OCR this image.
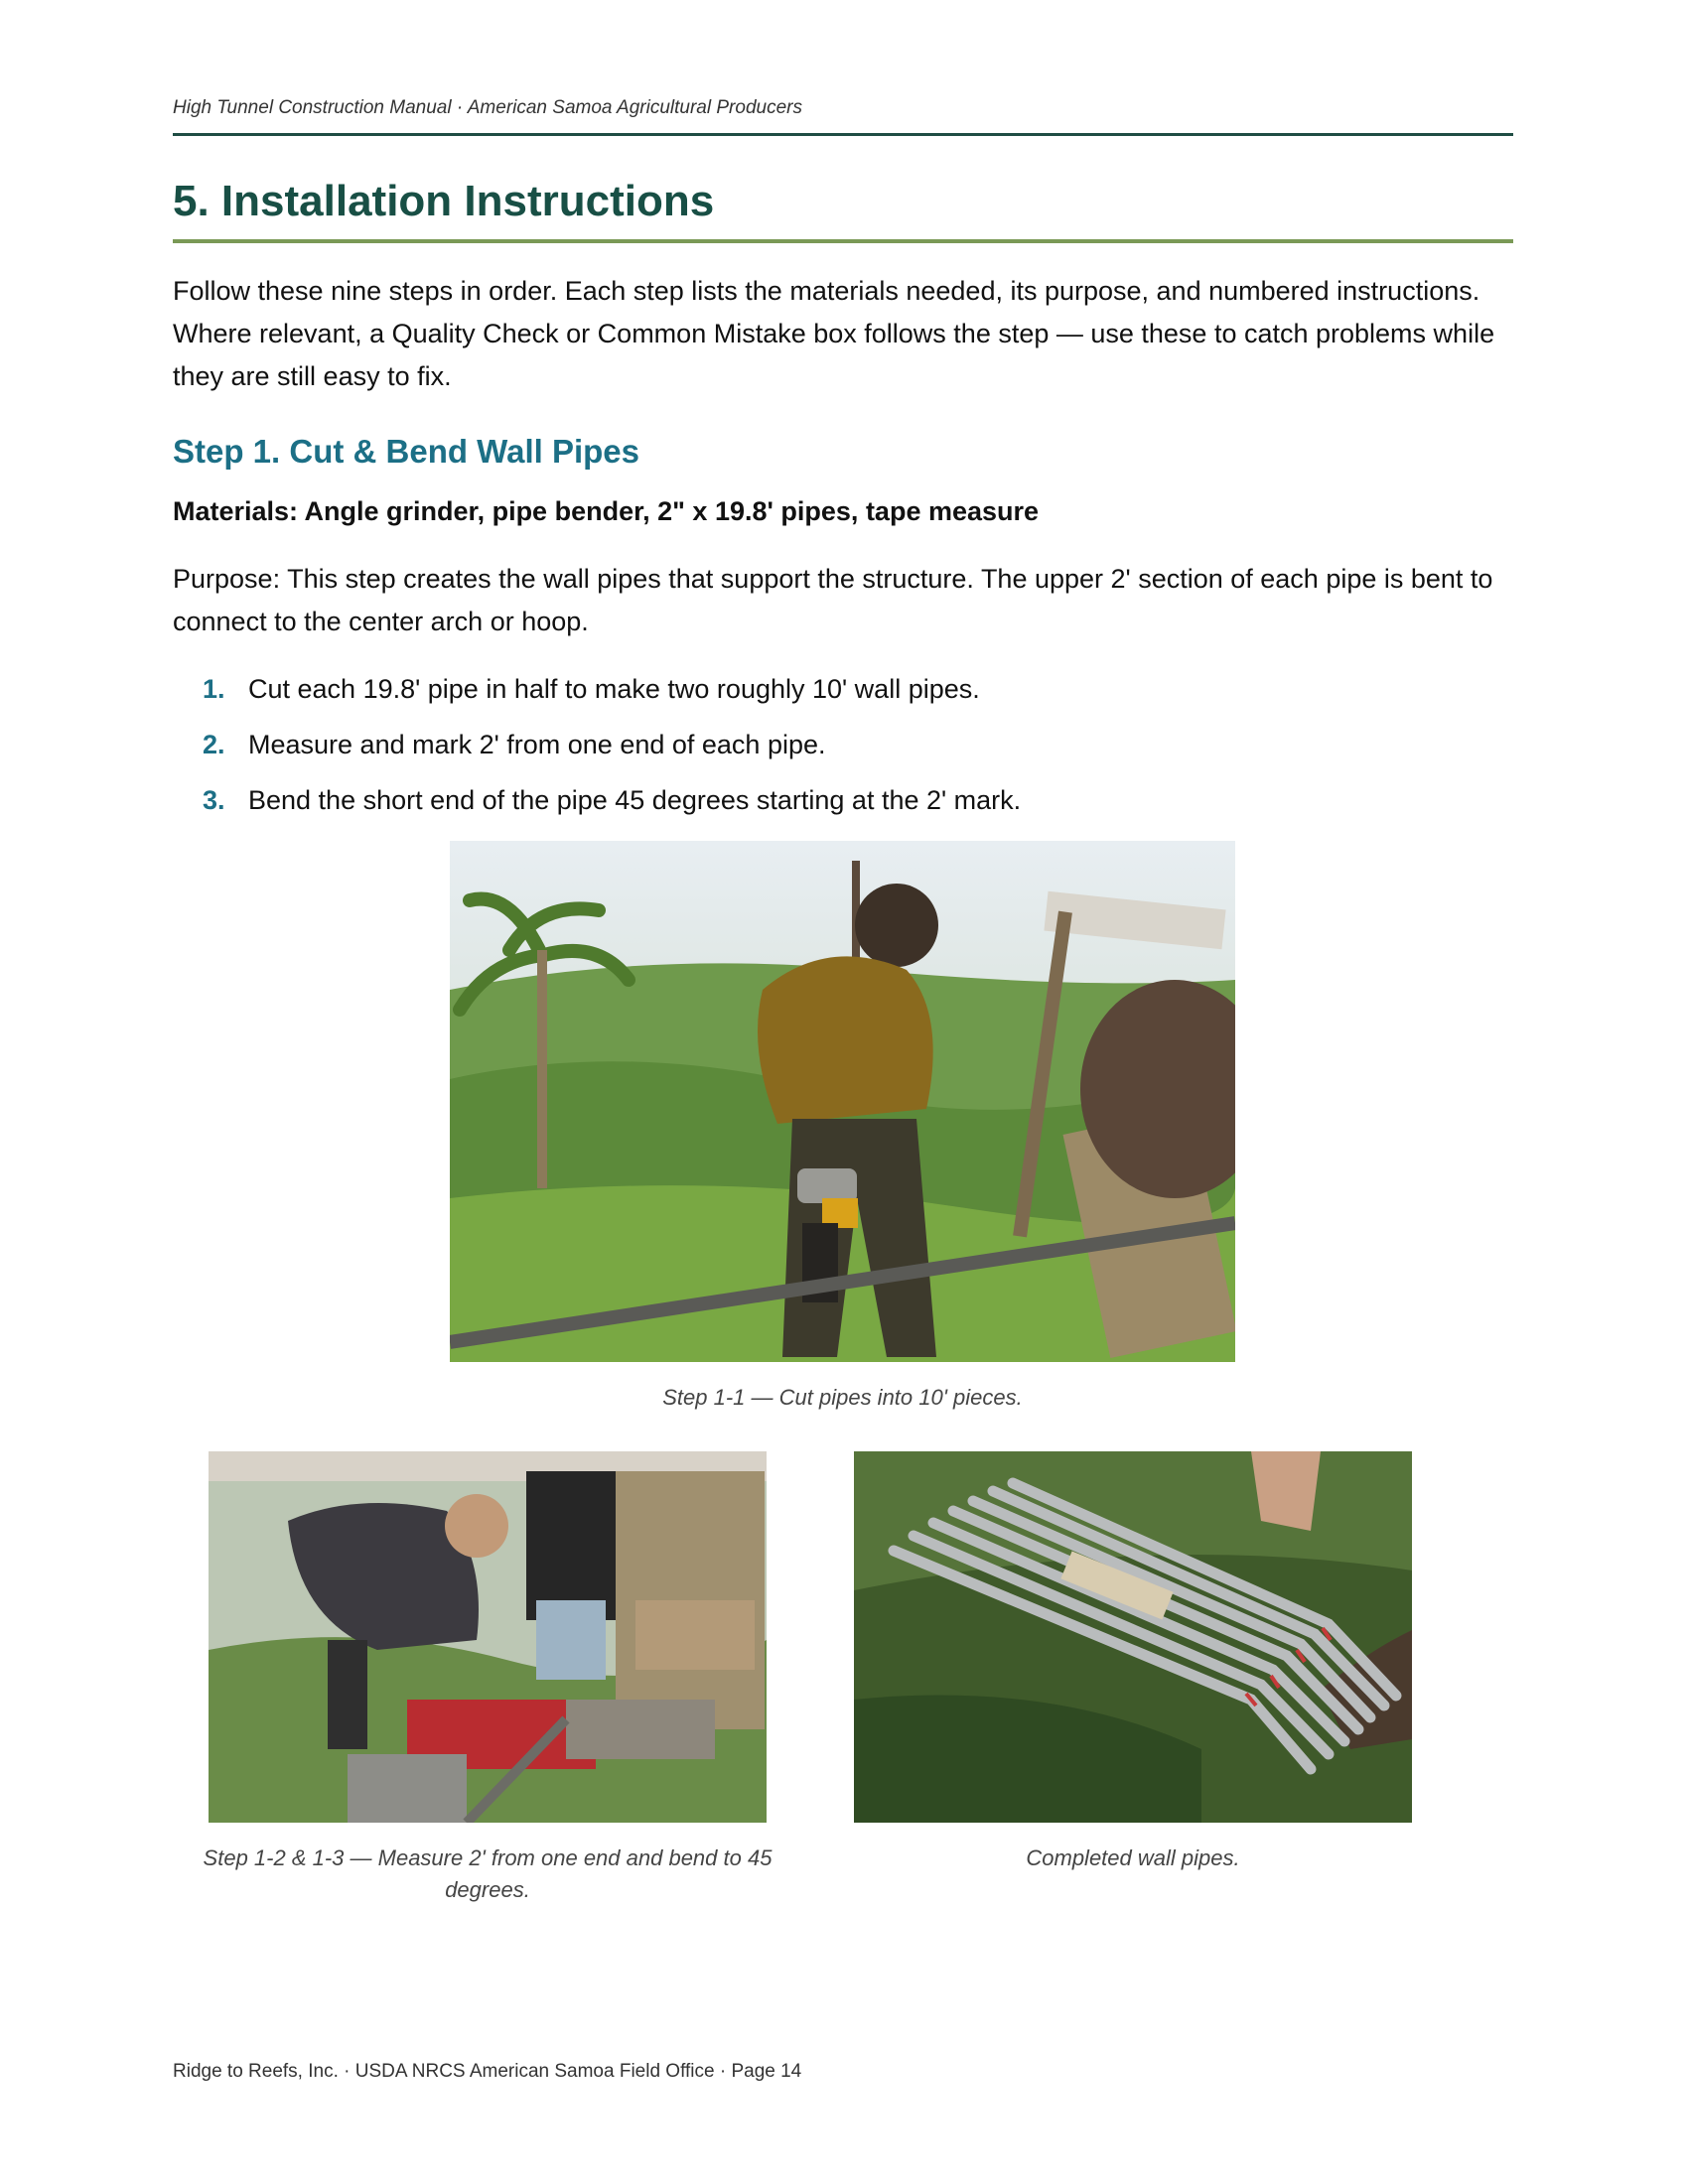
High Tunnel Construction Manual · American Samoa Agricultural Producers
5. Installation Instructions

Follow these nine steps in order. Each step lists the materials needed, its purpose, and numbered instructions. Where relevant, a Quality Check or Common Mistake box follows the step — use these to catch problems while they are still easy to fix.

Step 1. Cut & Bend Wall Pipes

Materials: Angle grinder, pipe bender, 2" x 19.8' pipes, tape measure

Purpose: This step creates the wall pipes that support the structure. The upper 2' section of each pipe is bent to connect to the center arch or hoop.

1. Cut each 19.8' pipe in half to make two roughly 10' wall pipes.
2. Measure and mark 2' from one end of each pipe.
3. Bend the short end of the pipe 45 degrees starting at the 2' mark.

Step 1-1 — Cut pipes into 10' pieces.

Step 1-2 & 1-3 — Measure 2' from one end and bend to 45 degrees.

Completed wall pipes.

Ridge to Reefs, Inc. · USDA NRCS American Samoa Field Office · Page 14
